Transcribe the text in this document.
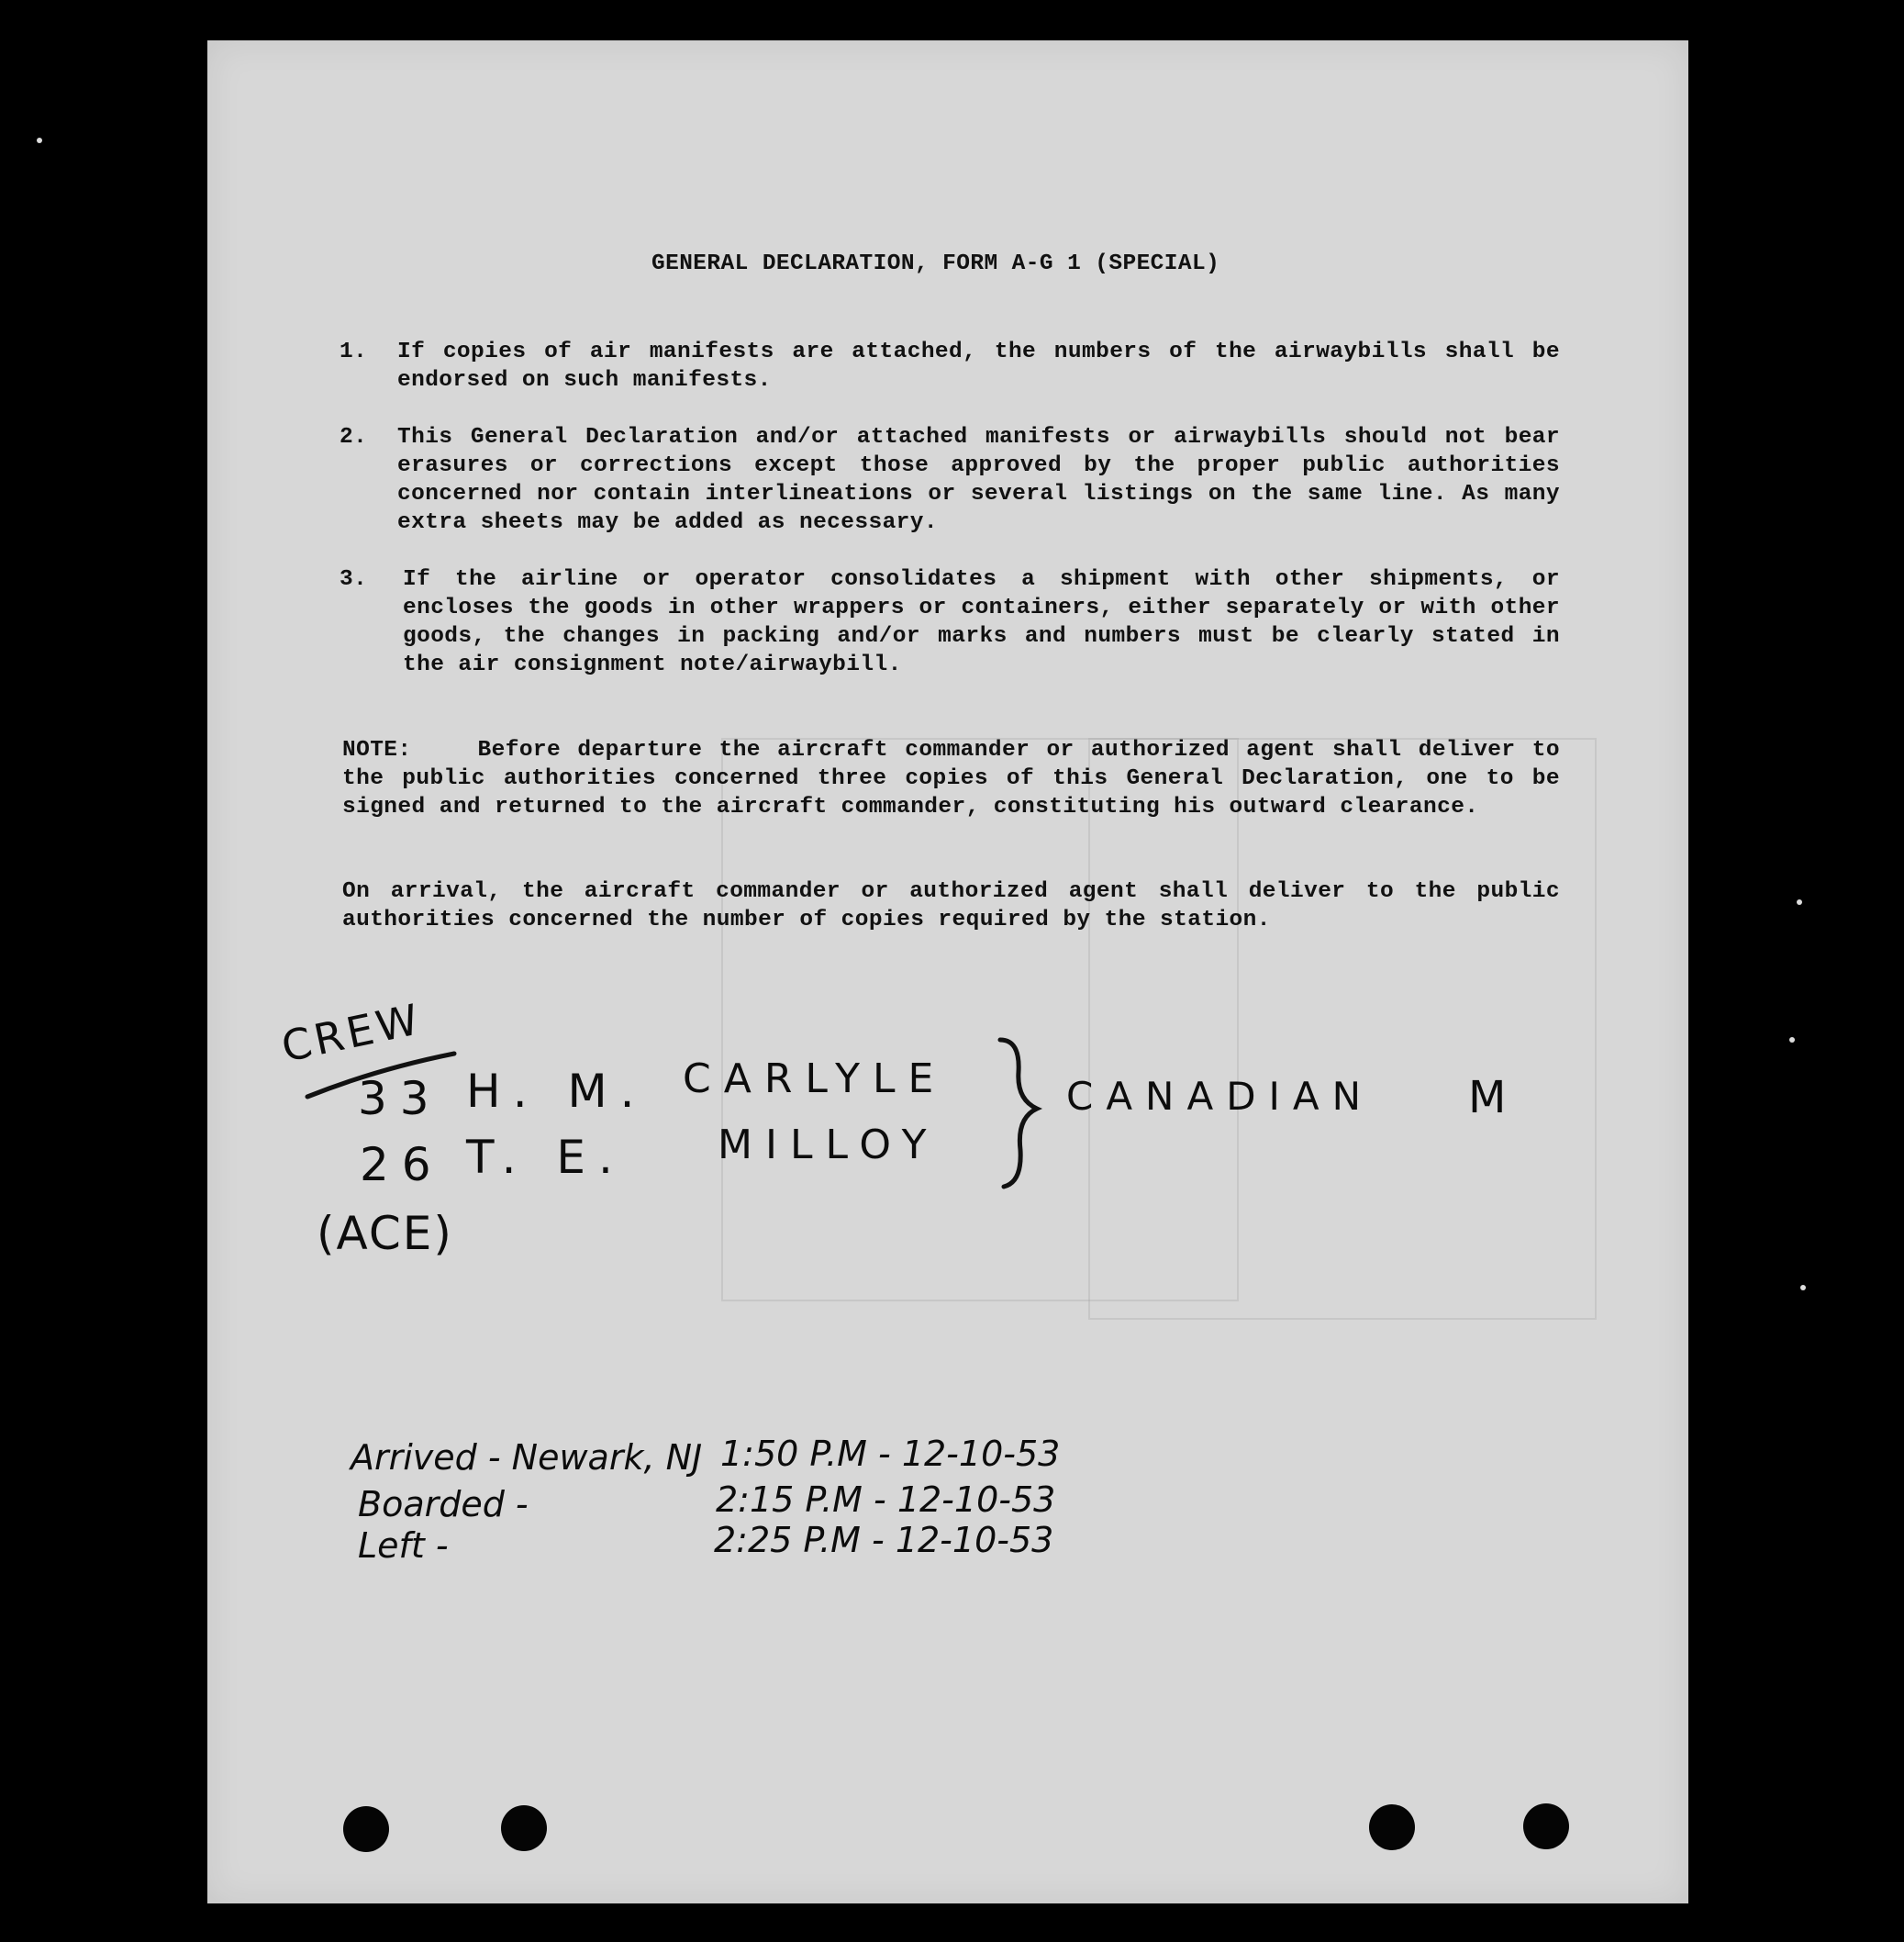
GENERAL DECLARATION, FORM A-G 1 (SPECIAL)
1.	If copies of air manifests are attached, the numbers of the airwaybills shall be endorsed on such manifests.
2.	This General Declaration and/or attached manifests or airwaybills should not bear erasures or corrections except those approved by the proper public authorities concerned nor contain interlineations or several listings on the same line. As many extra sheets may be added as necessary.
3.	If the airline or operator consolidates a shipment with other shipments, or encloses the goods in other wrappers or containers, either separately or with other goods, the changes in packing and/or marks and numbers must be clearly stated in the air consignment note/airwaybill.
NOTE:	Before departure the aircraft commander or authorized agent shall deliver to the public authorities concerned three copies of this General Declaration, one to be signed and returned to the aircraft commander, constituting his outward clearance.
On arrival, the aircraft commander or authorized agent shall deliver to the public authorities concerned the number of copies required by the station.
CREW
33 H. M. CARLYLE
26 T. E. MILLOY
CANADIAN M
(ACE)
Arrived - Newark, NJ 1:50 P.M - 12-10-53
Boarded -	2:15 P.M - 12-10-53
Left -	2:25 P.M - 12-10-53
